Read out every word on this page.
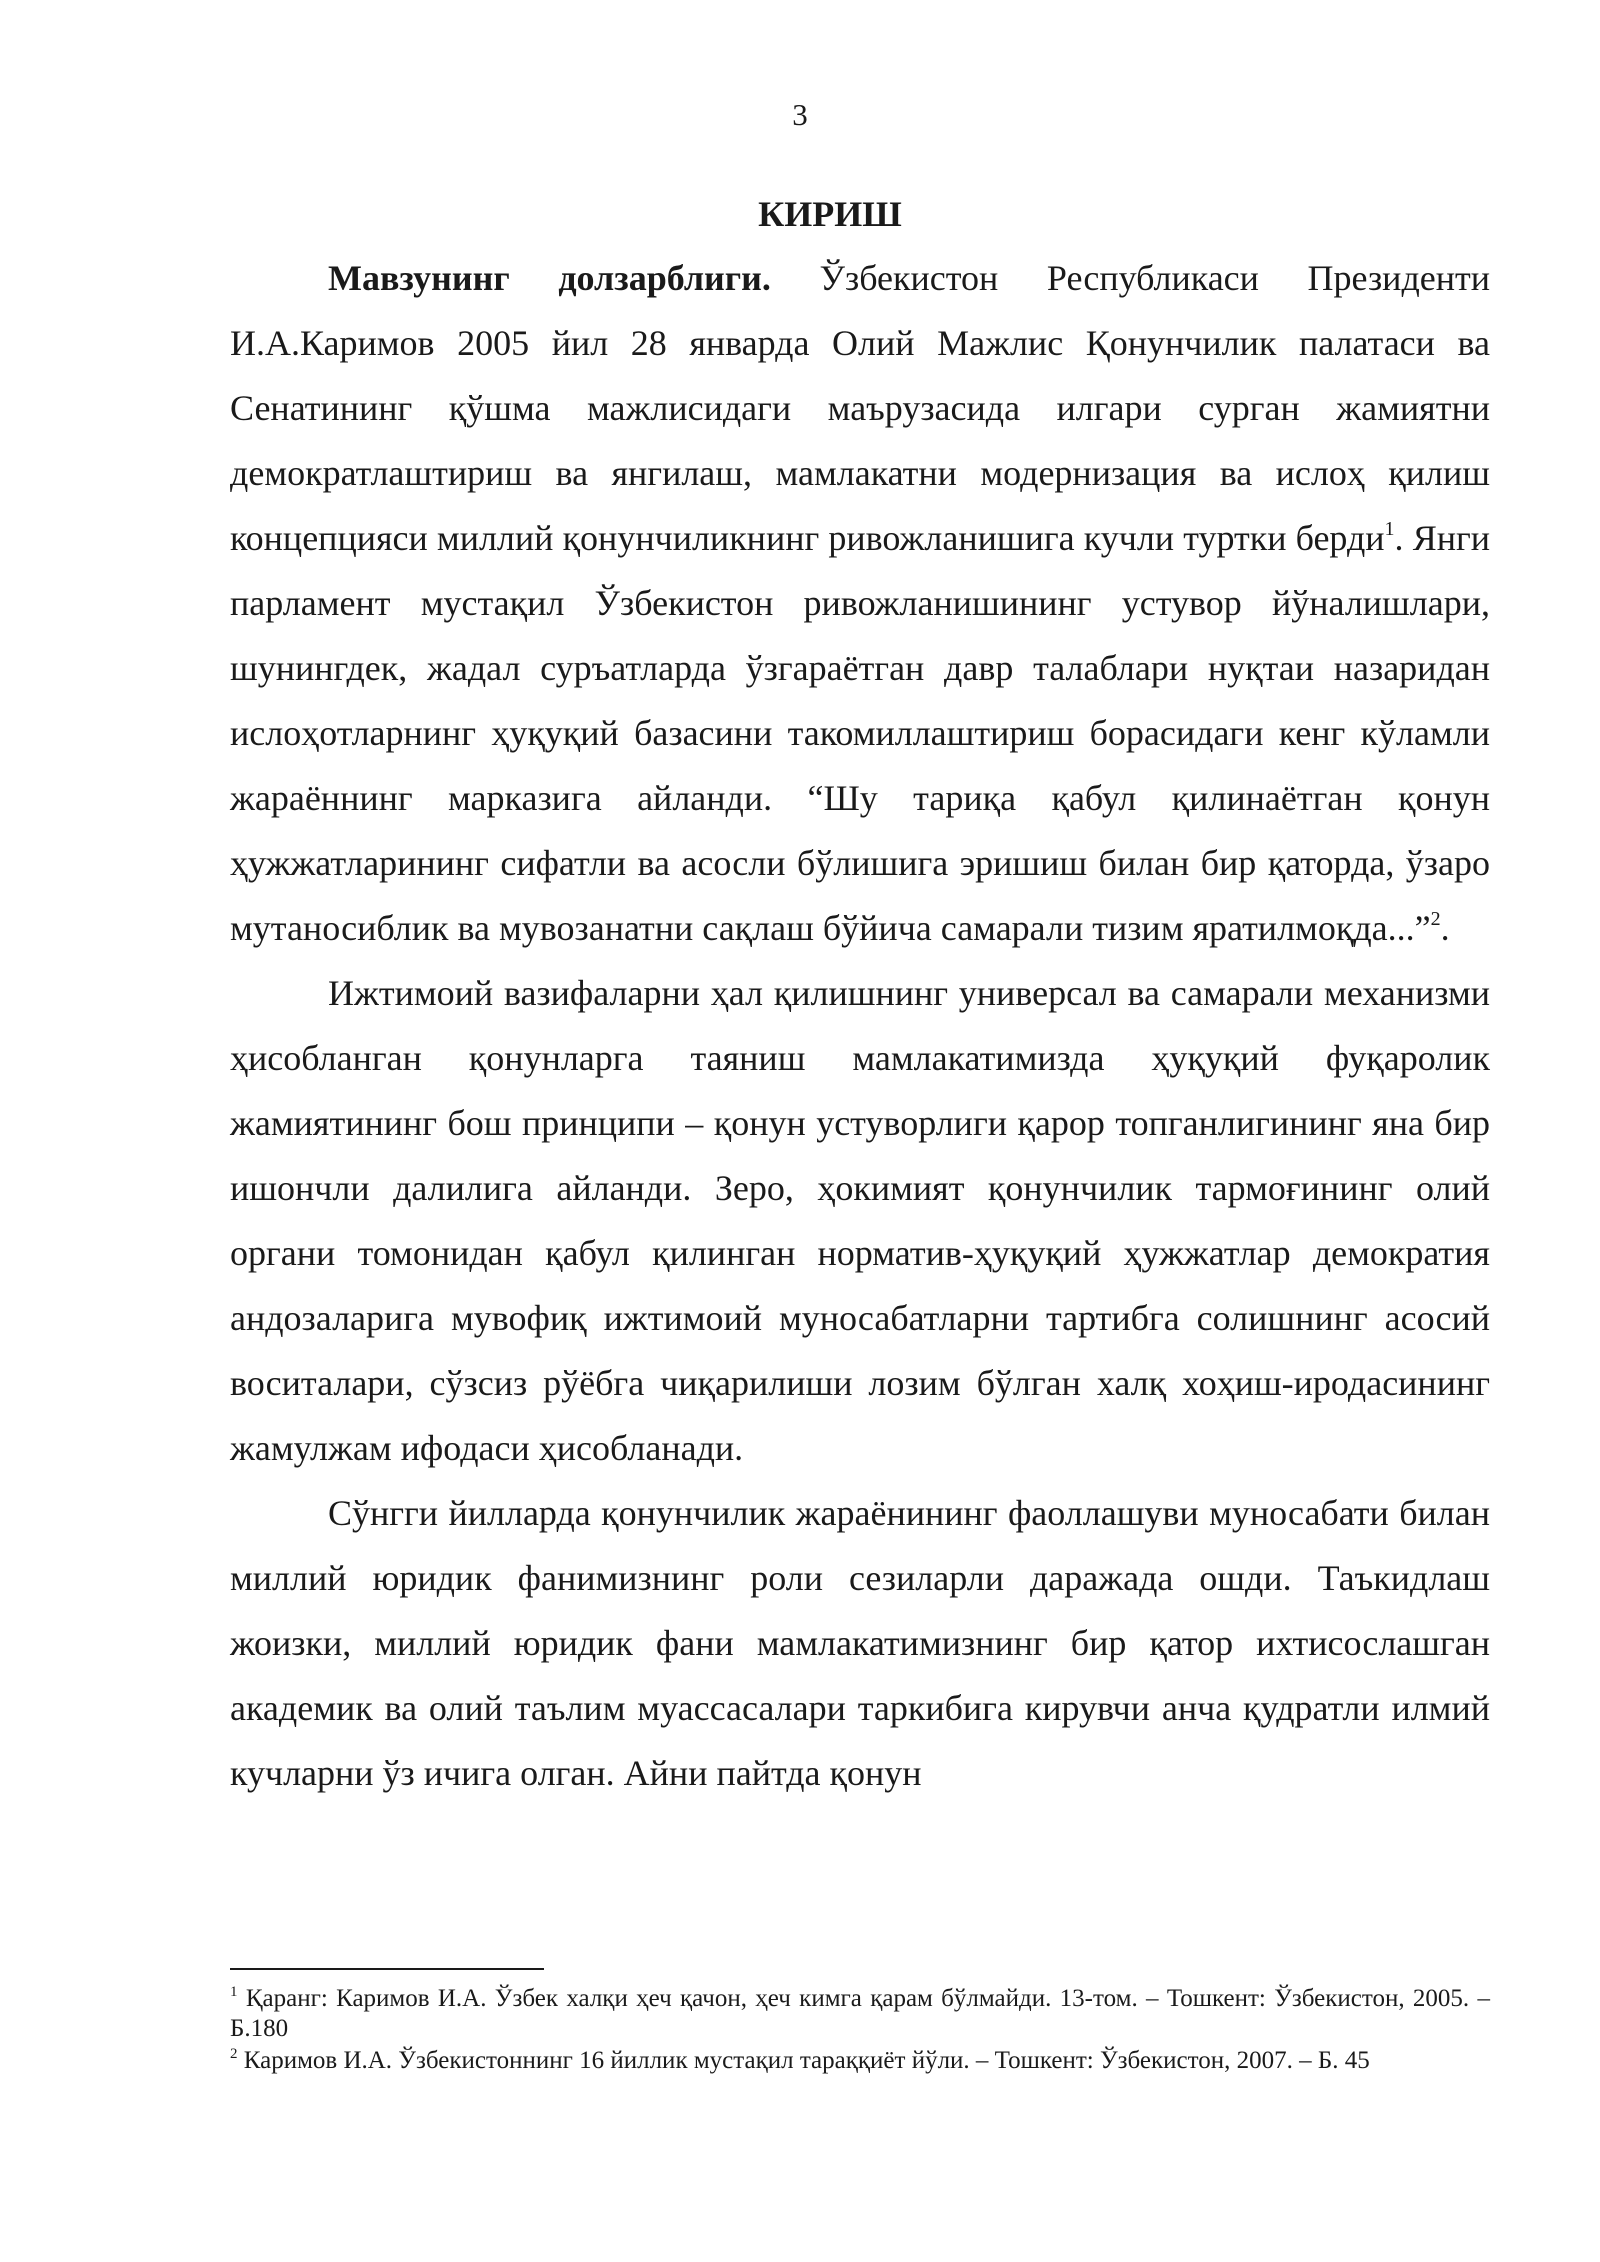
3
КИРИШ

Мавзунинг долзарблиги. Ўзбекистон Республикаси Президенти И.А.Каримов 2005 йил 28 январда Олий Мажлис Қонунчилик палатаси ва Сенатининг қўшма мажлисидаги маърузасида илгари сурган жамиятни демократлаштириш ва янгилаш, мамлакатни модернизация ва ислоҳ қилиш концепцияси миллий қонунчиликнинг ривожланишига кучли туртки берди$^1$. Янги парламент мустақил Ўзбекистон ривожланишининг устувор йўналишлари, шунингдек, жадал суръатларда ўзгараётган давр талаблари нуқтаи назаридан ислоҳотларнинг ҳуқуқий базасини такомиллаштириш борасидаги кенг кўламли жараённинг марказига айланди. “Шу тариқа қабул қилинаётган қонун ҳужжатларининг сифатли ва асосли бўлишига эришиш билан бир қаторда, ўзаро мутаносиблик ва мувозанатни сақлаш бўйича самарали тизим яратилмоқда...”$^2$.

Ижтимоий вазифаларни ҳал қилишнинг универсал ва самарали механизми ҳисобланган қонунларга таяниш мамлакатимизда ҳуқуқий фуқаролик жамиятининг бош принципи – қонун устуворлиги қарор топганлигининг яна бир ишончли далилига айланди. Зеро, ҳокимият қонунчилик тармоғининг олий органи томонидан қабул қилинган норматив-ҳуқуқий ҳужжатлар демократия андозаларига мувофиқ ижтимоий муносабатларни тартибга солишнинг асосий воситалари, сўзсиз рўёбга чиқарилиши лозим бўлган халқ хоҳиш-иродасининг жамулжам ифодаси ҳисобланади.

Сўнгги йилларда қонунчилик жараёнининг фаоллашуви муносабати билан миллий юридик фанимизнинг роли сезиларли даражада ошди. Таъкидлаш жоизки, миллий юридик фани мамлакатимизнинг бир қатор ихтисослашган академик ва олий таълим муассасалари таркибига кирувчи анча қудратли илмий кучларни ўз ичига олган. Айни пайтда қонун

$^1$ Қаранг: Каримов И.А. Ўзбек халқи ҳеч қачон, ҳеч кимга қарам бўлмайди. 13-том. – Тошкент: Ўзбекистон, 2005. – Б.180

$^2$ Каримов И.А. Ўзбекистоннинг 16 йиллик мустақил тараққиёт йўли. – Тошкент: Ўзбекистон, 2007. – Б. 45
